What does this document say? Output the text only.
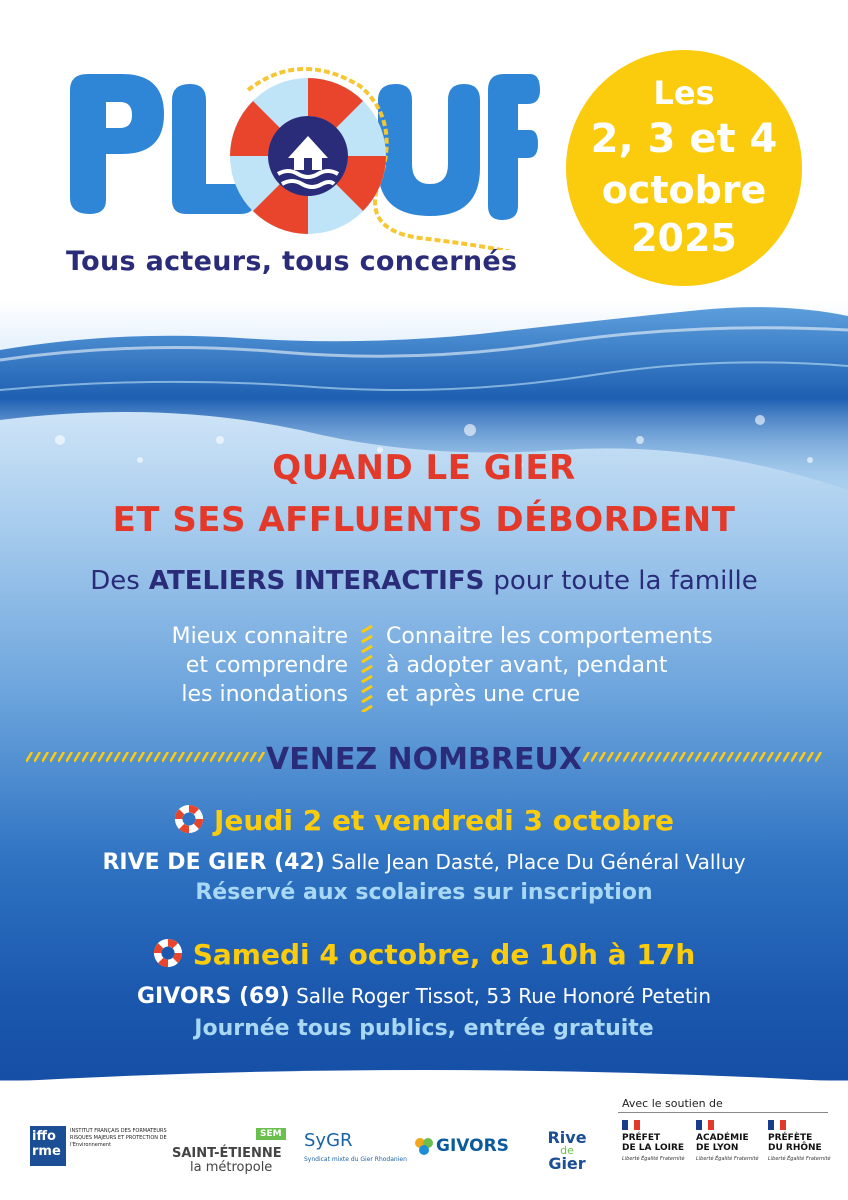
Tous acteurs, tous concernés
Les
2, 3 et 4
octobre
2025
QUAND LE GIER
ET SES AFFLUENTS DÉBORDENT
Des ATELIERS INTERACTIFS pour toute la famille
Mieux connaitre
et comprendre
les inondations
Connaitre les comportements
à adopter avant, pendant
et après une crue
VENEZ NOMBREUX
Jeudi 2 et vendredi 3 octobre
RIVE DE GIER (42) Salle Jean Dasté, Place Du Général Valluy
Réservé aux scolaires sur inscription
Samedi 4 octobre, de 10h à 17h
GIVORS (69) Salle Roger Tissot, 53 Rue Honoré Petetin
Journée tous publics, entrée gratuite
Avec le soutien de
iffo
rme
INSTITUT FRANÇAIS DES FORMATEURS RISQUES MAJEURS ET PROTECTION DE l'Environnement
SEM
SAINT-ÉTIENNE
la métropole
SyGR
Syndicat mixte du Gier Rhodanien
GIVORS	Rive
de
Gier
PRÉFET
DE LA LOIRE
Liberté Égalité Fraternité
ACADÉMIE
DE LYON
Liberté Égalité Fraternité
PRÉFÈTE
DU RHÔNE
Liberté Égalité Fraternité
